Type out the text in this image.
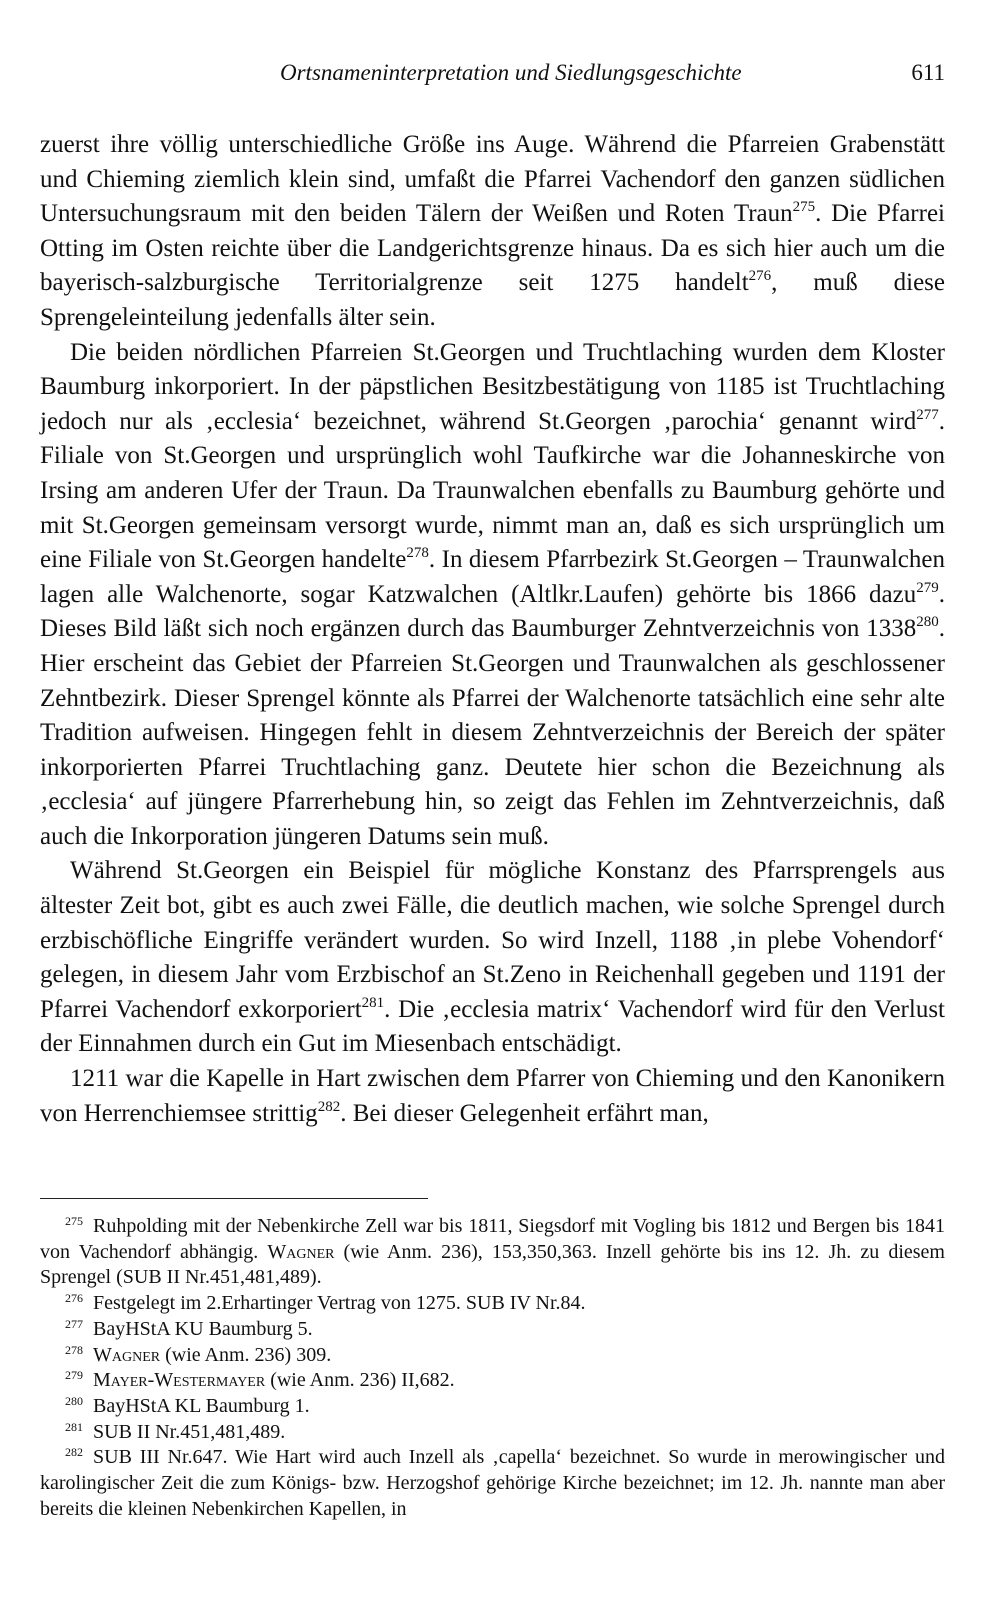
Ortsnameninterpretation und Siedlungsgeschichte	611

zuerst ihre völlig unterschiedliche Größe ins Auge. Während die Pfarreien Grabenstätt und Chieming ziemlich klein sind, umfaßt die Pfarrei Vachendorf den ganzen südlichen Untersuchungsraum mit den beiden Tälern der Weißen und Roten Traun$^{275}$. Die Pfarrei Otting im Osten reichte über die Landgerichtsgrenze hinaus. Da es sich hier auch um die bayerisch-salzburgische Territorialgrenze seit 1275 handelt$^{276}$, muß diese Sprengeleinteilung jedenfalls älter sein.

Die beiden nördlichen Pfarreien St.Georgen und Truchtlaching wurden dem Kloster Baumburg inkorporiert. In der päpstlichen Besitzbestätigung von 1185 ist Truchtlaching jedoch nur als ‚ecclesia‘ bezeichnet, während St.Georgen ‚parochia‘ genannt wird$^{277}$. Filiale von St.Georgen und ursprünglich wohl Taufkirche war die Johanneskirche von Irsing am anderen Ufer der Traun. Da Traunwalchen ebenfalls zu Baumburg gehörte und mit St.Georgen gemeinsam versorgt wurde, nimmt man an, daß es sich ursprünglich um eine Filiale von St.Georgen handelte$^{278}$. In diesem Pfarrbezirk St.Georgen – Traunwalchen lagen alle Walchenorte, sogar Katzwalchen (Altlkr.Laufen) gehörte bis 1866 dazu$^{279}$. Dieses Bild läßt sich noch ergänzen durch das Baumburger Zehntverzeichnis von 1338$^{280}$. Hier erscheint das Gebiet der Pfarreien St.Georgen und Traunwalchen als geschlossener Zehntbezirk. Dieser Sprengel könnte als Pfarrei der Walchenorte tatsächlich eine sehr alte Tradition aufweisen. Hingegen fehlt in diesem Zehntverzeichnis der Bereich der später inkorporierten Pfarrei Truchtlaching ganz. Deutete hier schon die Bezeichnung als ‚ecclesia‘ auf jüngere Pfarrerhebung hin, so zeigt das Fehlen im Zehntverzeichnis, daß auch die Inkorporation jüngeren Datums sein muß.

Während St.Georgen ein Beispiel für mögliche Konstanz des Pfarrsprengels aus ältester Zeit bot, gibt es auch zwei Fälle, die deutlich machen, wie solche Sprengel durch erzbischöfliche Eingriffe verändert wurden. So wird Inzell, 1188 ‚in plebe Vohendorf‘ gelegen, in diesem Jahr vom Erzbischof an St.Zeno in Reichenhall gegeben und 1191 der Pfarrei Vachendorf exkorporiert$^{281}$. Die ‚ecclesia matrix‘ Vachendorf wird für den Verlust der Einnahmen durch ein Gut im Miesenbach entschädigt.

1211 war die Kapelle in Hart zwischen dem Pfarrer von Chieming und den Kanonikern von Herrenchiemsee strittig$^{282}$. Bei dieser Gelegenheit erfährt man,

$^{275}$ Ruhpolding mit der Nebenkirche Zell war bis 1811, Siegsdorf mit Vogling bis 1812 und Bergen bis 1841 von Vachendorf abhängig. Wagner (wie Anm. 236), 153,350,363. Inzell gehörte bis ins 12. Jh. zu diesem Sprengel (SUB II Nr.451,481,489).

$^{276}$ Festgelegt im 2.Erhartinger Vertrag von 1275. SUB IV Nr.84.

$^{277}$ BayHStA KU Baumburg 5.

$^{278}$ Wagner (wie Anm. 236) 309.

$^{279}$ Mayer-Westermayer (wie Anm. 236) II,682.

$^{280}$ BayHStA KL Baumburg 1.

$^{281}$ SUB II Nr.451,481,489.

$^{282}$ SUB III Nr.647. Wie Hart wird auch Inzell als ‚capella‘ bezeichnet. So wurde in merowingischer und karolingischer Zeit die zum Königs- bzw. Herzogshof gehörige Kirche bezeichnet; im 12. Jh. nannte man aber bereits die kleinen Nebenkirchen Kapellen, in
